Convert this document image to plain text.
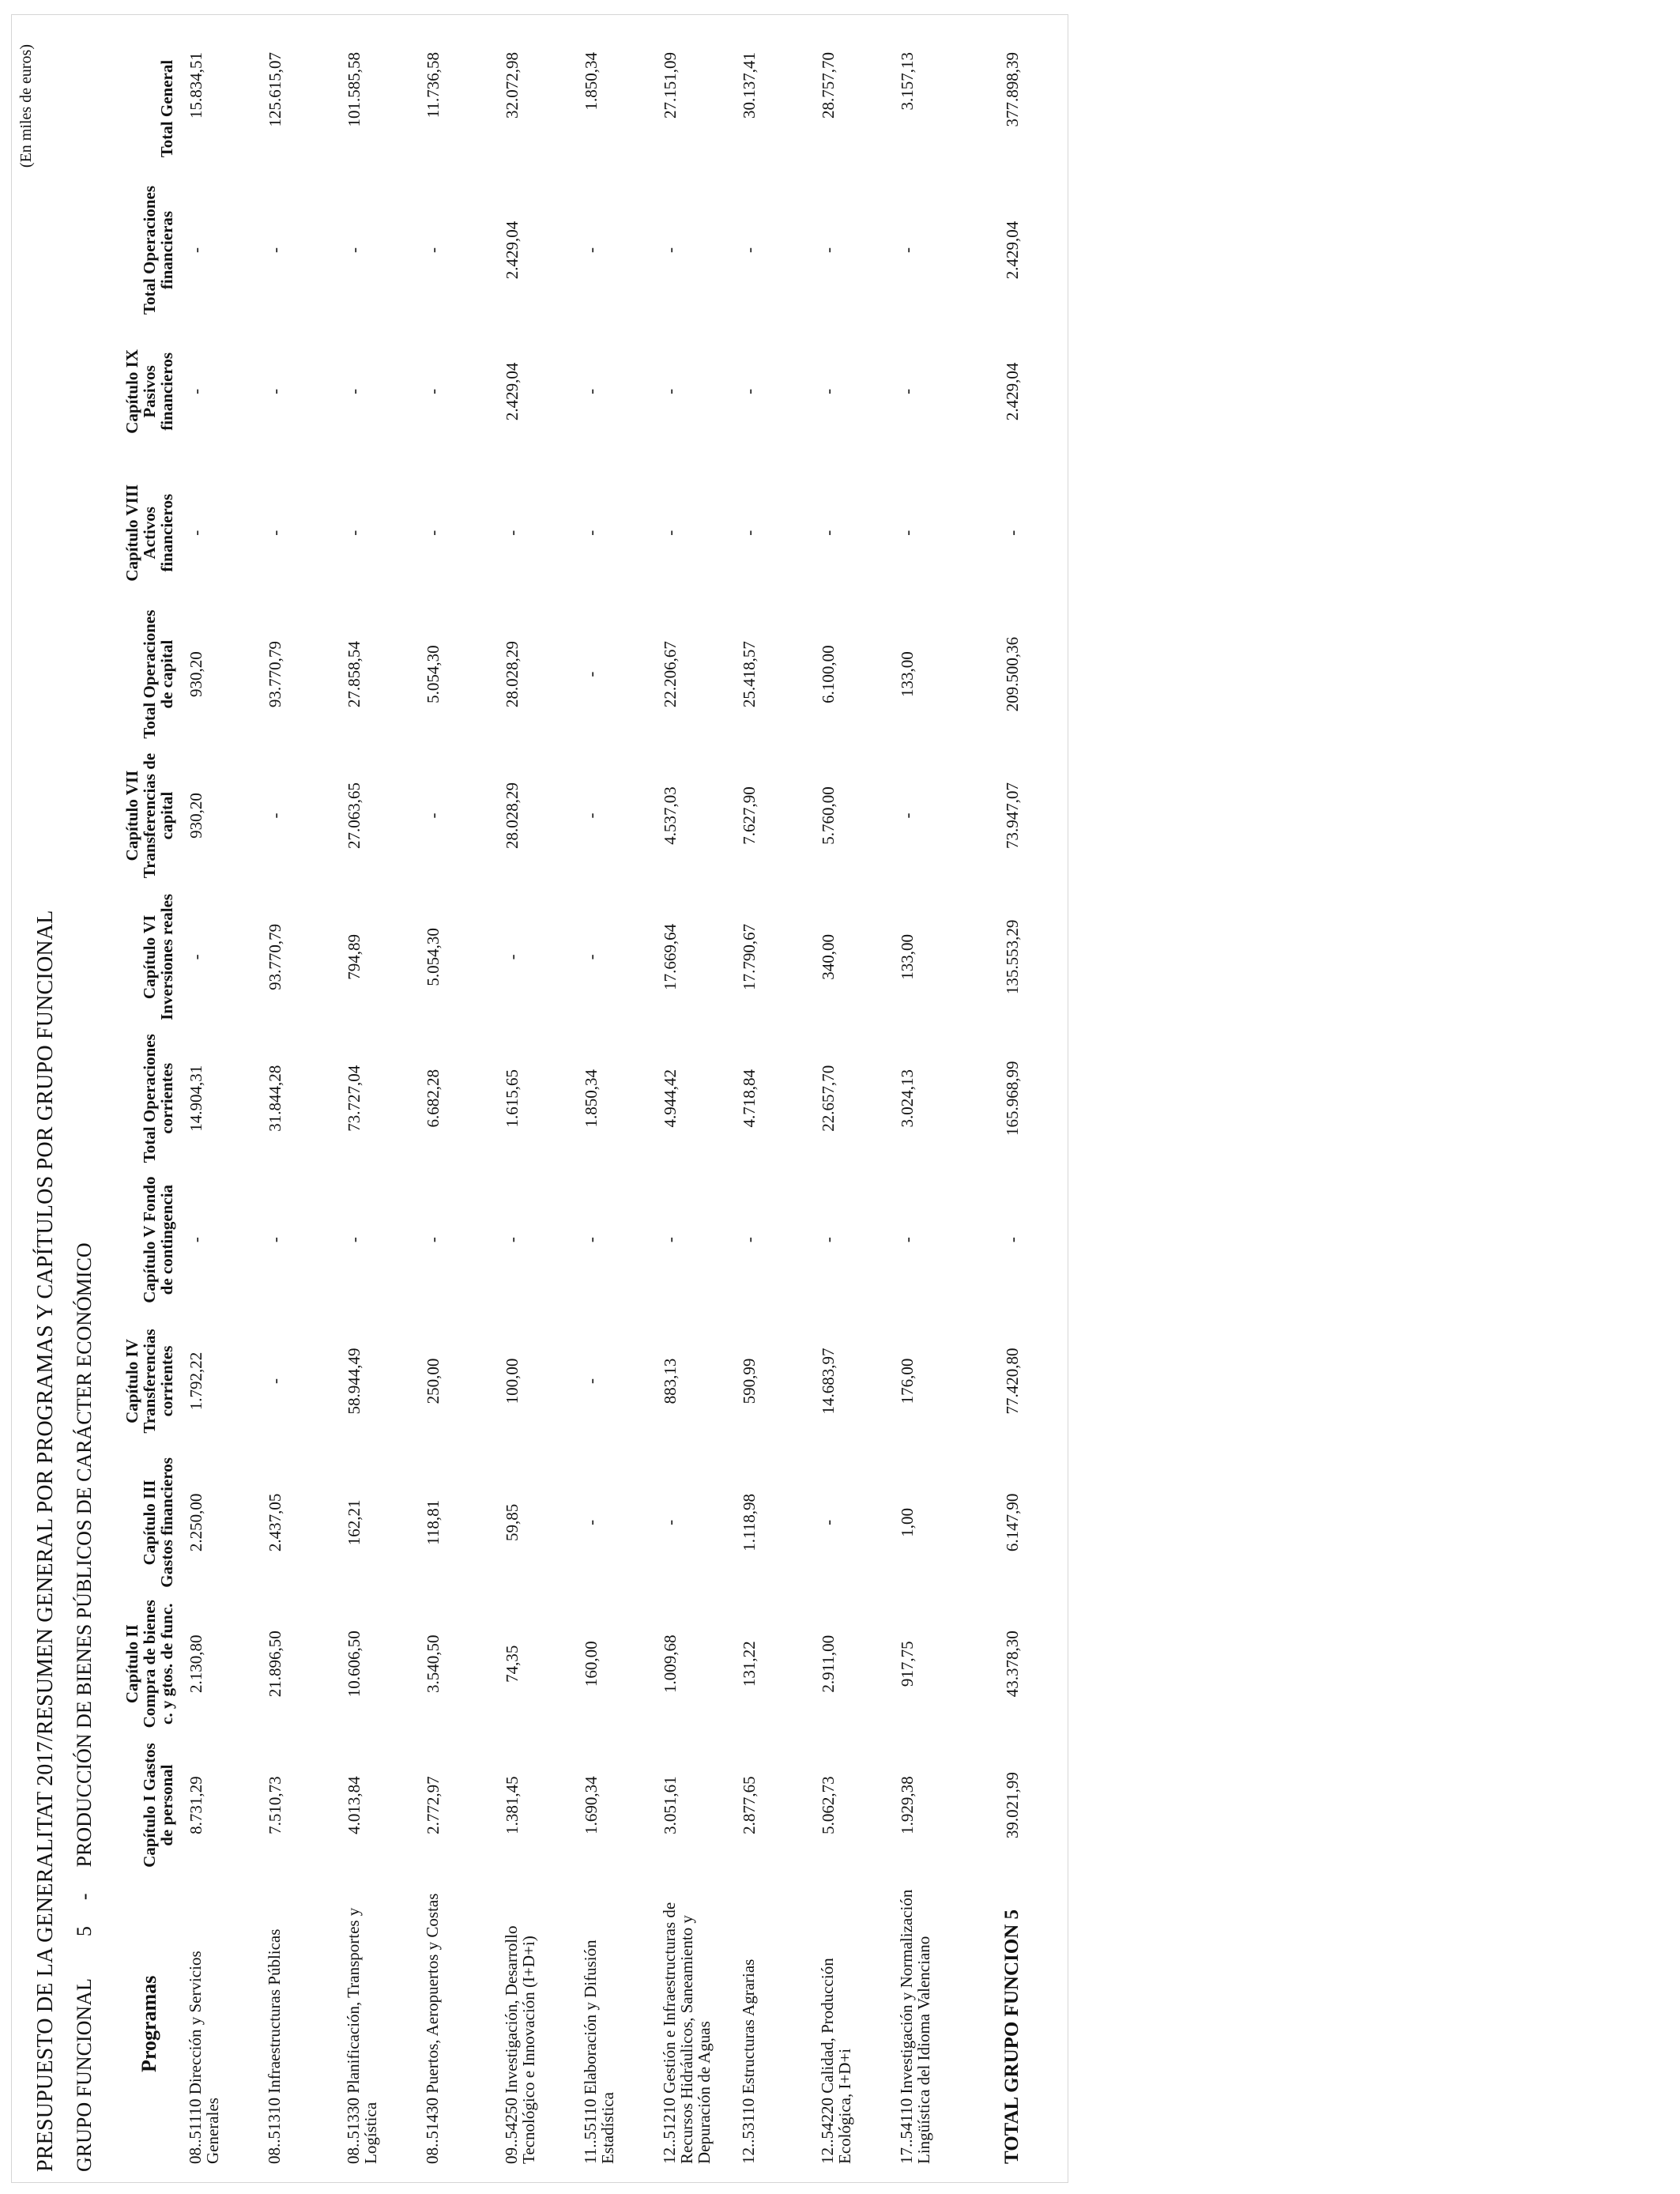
(En miles de euros)
PRESUPUESTO DE LA GENERALITAT 2017/RESUMEN GENERAL POR PROGRAMAS Y CAPÍTULOS POR GRUPO FUNCIONAL GRUPO FUNCIONAL  5  -  PRODUCCIÓN DE BIENES PÚBLICOS DE CARÁCTER ECONÓMICO
Programas	Capítulo I Gastos de personal	Capítulo II Compra de bienes c. y gtos. de func.	Capítulo III Gastos financieros	Capítulo IV Transferencias corrientes	Capítulo V Fondo de contingencia	Total Operaciones corrientes	Capítulo VI Inversiones reales	Capítulo VII Transferencias de capital	Total Operaciones de capital	Capítulo VIII Activos financieros	Capítulo IX Pasivos financieros	Total Operaciones financieras	Total General
08..51110 Dirección y Servicios Generales	8.731,29	2.130,80	2.250,00	1.792,22	-	14.904,31	-	930,20	930,20	-	-	-	15.834,51
08..51310 Infraestructuras Públicas	7.510,73	21.896,50	2.437,05	-	-	31.844,28	93.770,79	-	93.770,79	-	-	-	125.615,07
08..51330 Planificación, Transportes y Logística	4.013,84	10.606,50	162,21	58.944,49	-	73.727,04	794,89	27.063,65	27.858,54	-	-	-	101.585,58
08..51430 Puertos, Aeropuertos y Costas	2.772,97	3.540,50	118,81	250,00	-	6.682,28	5.054,30	-	5.054,30	-	-	-	11.736,58
09..54250 Investigación, Desarrollo Tecnológico e Innovación (I+D+i)	1.381,45	74,35	59,85	100,00	-	1.615,65	-	28.028,29	28.028,29	-	2.429,04	2.429,04	32.072,98
11..55110 Elaboración y Difusión Estadística	1.690,34	160,00	-	-	-	1.850,34	-	-	-	-	-	-	1.850,34
12..51210 Gestión e Infraestructuras de Recursos Hidráulicos, Saneamiento y Depuración de Aguas	3.051,61	1.009,68	-	883,13	-	4.944,42	17.669,64	4.537,03	22.206,67	-	-	-	27.151,09
12..53110 Estructuras Agrarias	2.877,65	131,22	1.118,98	590,99	-	4.718,84	17.790,67	7.627,90	25.418,57	-	-	-	30.137,41
12..54220 Calidad, Producción Ecológica, I+D+i	5.062,73	2.911,00	-	14.683,97	-	22.657,70	340,00	5.760,00	6.100,00	-	-	-	28.757,70
17..54110 Investigación y Normalización Lingüística del Idioma Valenciano	1.929,38	917,75	1,00	176,00	-	3.024,13	133,00	-	133,00	-	-	-	3.157,13
TOTAL GRUPO FUNCION 5	39.021,99	43.378,30	6.147,90	77.420,80	-	165.968,99	135.553,29	73.947,07	209.500,36	-	2.429,04	2.429,04	377.898,39
